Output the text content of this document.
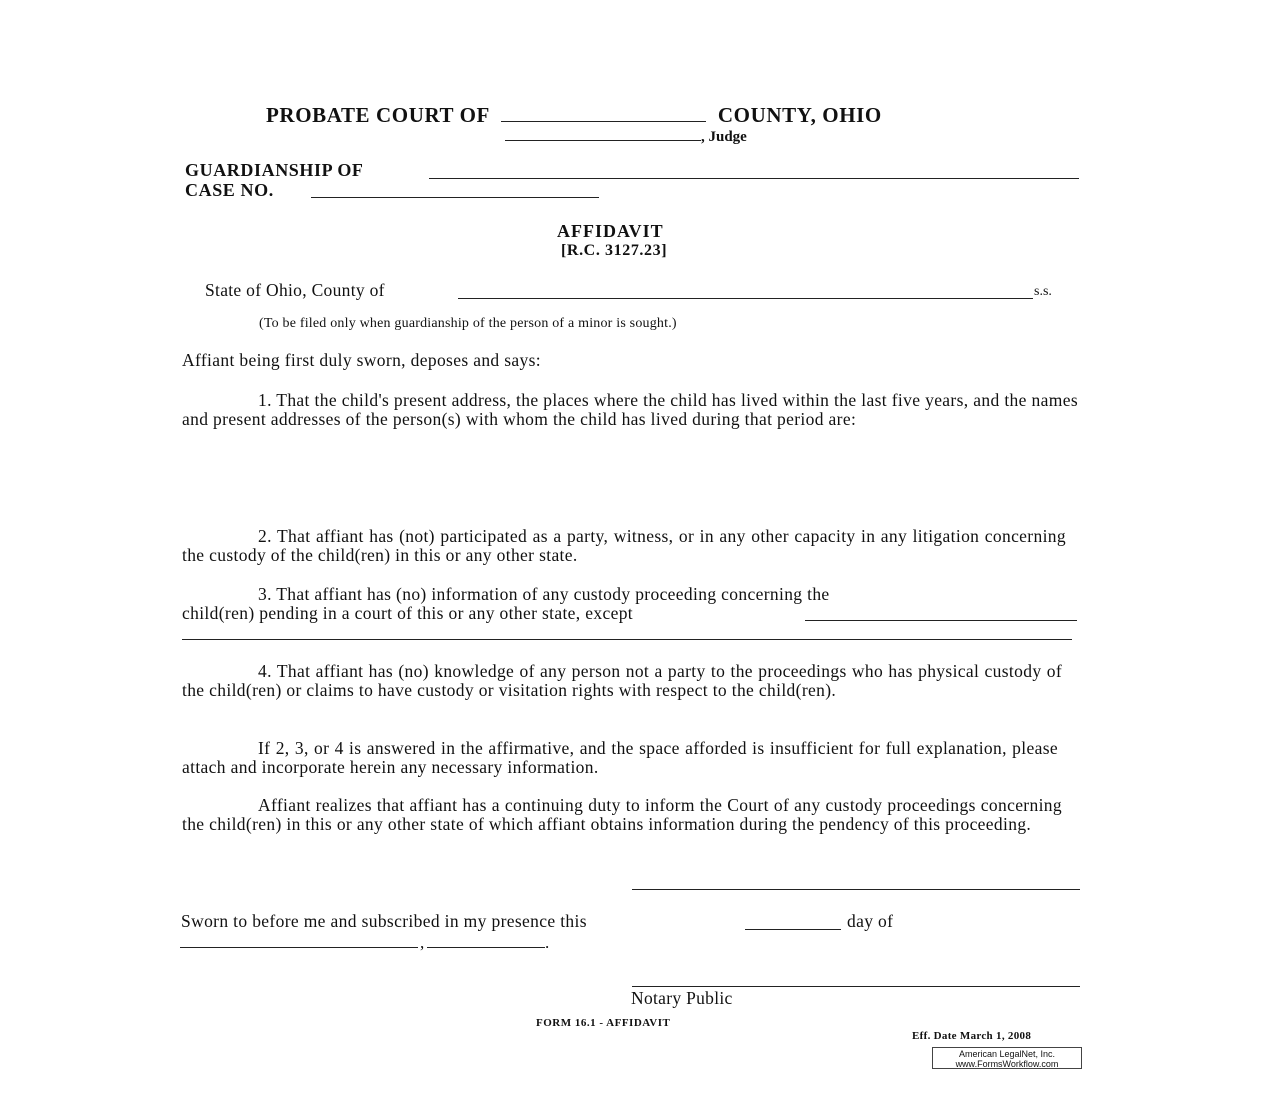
PROBATE COURT OF	COUNTY, OHIO
, Judge
GUARDIANSHIP OF
CASE NO.
AFFIDAVIT
[R.C. 3127.23]
State of Ohio, County of	s.s.
(To be filed only when guardianship of the person of a minor is sought.)
Affiant being first duly sworn, deposes and says:
1. That the child's present address, the places where the child has lived within the last five years, and the names and present addresses of the person(s) with whom the child has lived during that period are:
2. That affiant has (not) participated as a party, witness, or in any other capacity in any litigation concerning the custody of the child(ren) in this or any other state.
3. That affiant has (no) information of any custody proceeding concerning the
child(ren) pending in a court of this or any other state, except
4. That affiant has (no) knowledge of any person not a party to the proceedings who has physical custody of the child(ren) or claims to have custody or visitation rights with respect to the child(ren).
If 2, 3, or 4 is answered in the affirmative, and the space afforded is insufficient for full explanation, please attach and incorporate herein any necessary information.
Affiant realizes that affiant has a continuing duty to inform the Court of any custody proceedings concerning the child(ren) in this or any other state of which affiant obtains information during the pendency of this proceeding.
Sworn to before me and subscribed in my presence this	day of
,	.
Notary Public
FORM 16.1 - AFFIDAVIT
Eff. Date March 1, 2008
American LegalNet, Inc.
www.FormsWorkflow.com
